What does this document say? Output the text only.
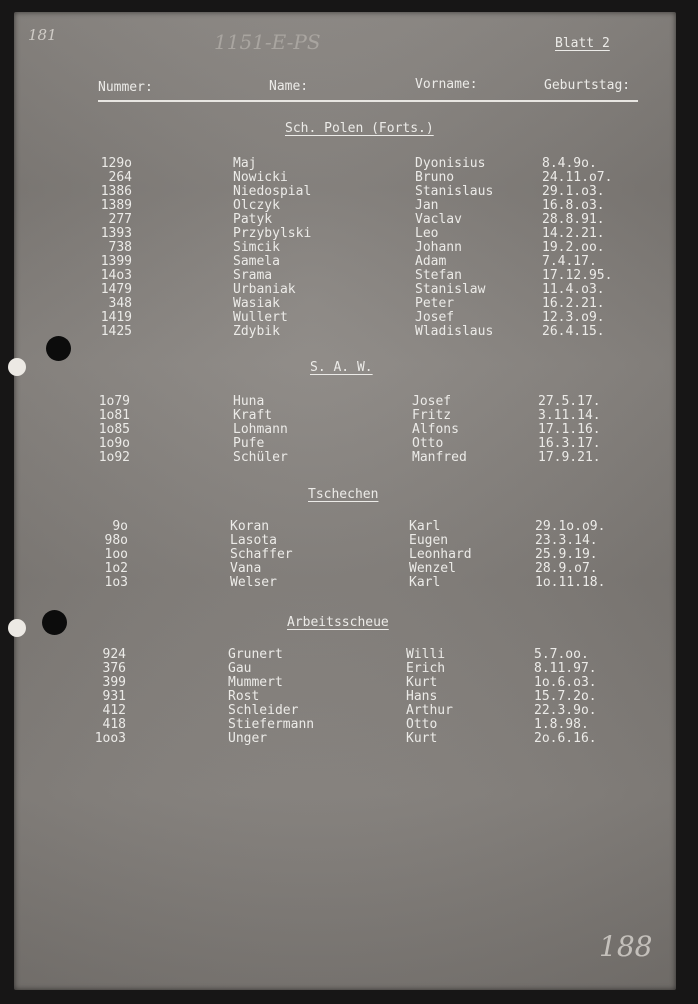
181	1151-E-PS
188
Blatt 2
Nummer:	Name:	Vorname:	Geburtstag:
Sch. Polen (Forts.)
S. A. W.
Tschechen
Arbeitsscheue
129o	Maj	Dyonisius	8.4.9o.
264	Nowicki	Bruno	24.11.o7.
1386	Niedospial	Stanislaus	29.1.o3.
1389	Olczyk	Jan	16.8.o3.
277	Patyk	Vaclav	28.8.91.
1393	Przybylski	Leo	14.2.21.
738	Simcik	Johann	19.2.oo.
1399	Samela	Adam	7.4.17.
14o3	Srama	Stefan	17.12.95.
1479	Urbaniak	Stanislaw	11.4.o3.
348	Wasiak	Peter	16.2.21.
1419	Wullert	Josef	12.3.o9.
1425	Zdybik	Wladislaus	26.4.15.
1o79	Huna	Josef	27.5.17.
1o81	Kraft	Fritz	3.11.14.
1o85	Lohmann	Alfons	17.1.16.
1o9o	Pufe	Otto	16.3.17.
1o92	Schüler	Manfred	17.9.21.
9o	Koran	Karl	29.1o.o9.
98o	Lasota	Eugen	23.3.14.
1oo	Schaffer	Leonhard	25.9.19.
1o2	Vana	Wenzel	28.9.o7.
1o3	Welser	Karl	1o.11.18.
924	Grunert	Willi	5.7.oo.
376	Gau	Erich	8.11.97.
399	Mummert	Kurt	1o.6.o3.
931	Rost	Hans	15.7.2o.
412	Schleider	Arthur	22.3.9o.
418	Stiefermann	Otto	1.8.98.
1oo3	Unger	Kurt	2o.6.16.
